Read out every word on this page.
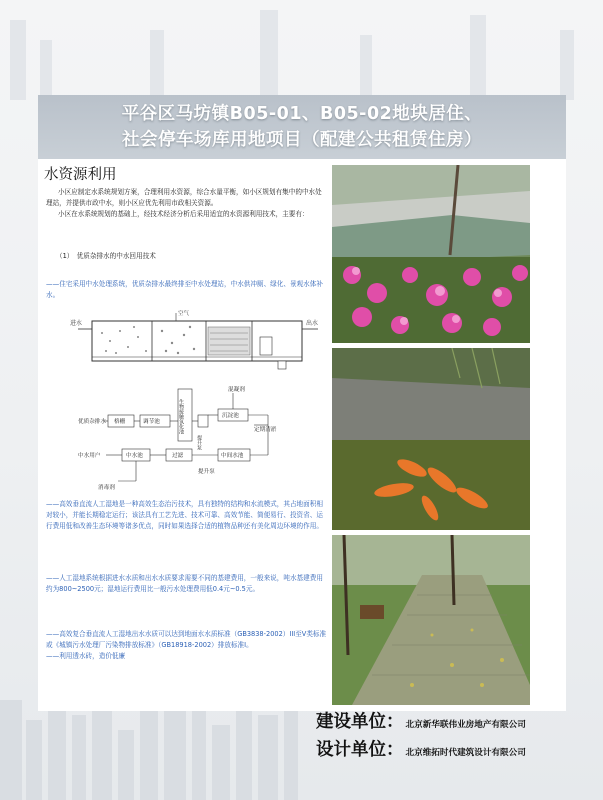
平谷区马坊镇B05-01、B05-02地块居住、
社会停车场库用地项目（配建公共租赁住房）
水资源利用
小区应制定水系统规划方案，合理利用水资源，综合水量平衡，如小区规划有集中的中水处理站，并提供市政中水，则小区应优先利用市政相关资源。
小区在水系统规划的基础上，经技术经济分析后采用适宜的水资源利用技术，主要有：
（1）　优质杂排水的中水回用技术
——住宅采用中水处理系统，优质杂排水最终排至中水处理站，中水供冲厕、绿化、景观水体补水。
进水
空气
出水
优质杂排水 格栅	调节池	生物接触氧化池
提升泵
沉淀池
混凝剂
定期清淤
中水用户	中水池	过滤
提升泵
中间水池
消毒剂
——高效垂直流人工湿地是一种高效生态治污技术，具有独特的结构和水流模式，其占地面积相对较小，并能长期稳定运行；该法具有工艺先进、技术可靠、高效节能、简便易行、投资省、运行费用低和改善生态环境等诸多优点，同时如果选择合适的植物品种还有美化周边环境的作用。
——人工湿地系统根据进水水质和出水水质要求需要不同的基建费用，一般来说，吨水基建费用约为800~2500元；湿地运行费用比一般污水处理费用低0.4元~0.5元。
——高效复合垂直流人工湿地出水水质可以达到地面水水质标准（GB3838-2002）III至V类标准或《城镇污水处理厂污染物排放标准》（GB18918-2002）排放标准Ⅰ。
——利用透水砖，造价低廉
建设单位： 北京新华联伟业房地产有限公司
设计单位： 北京维拓时代建筑设计有限公司
